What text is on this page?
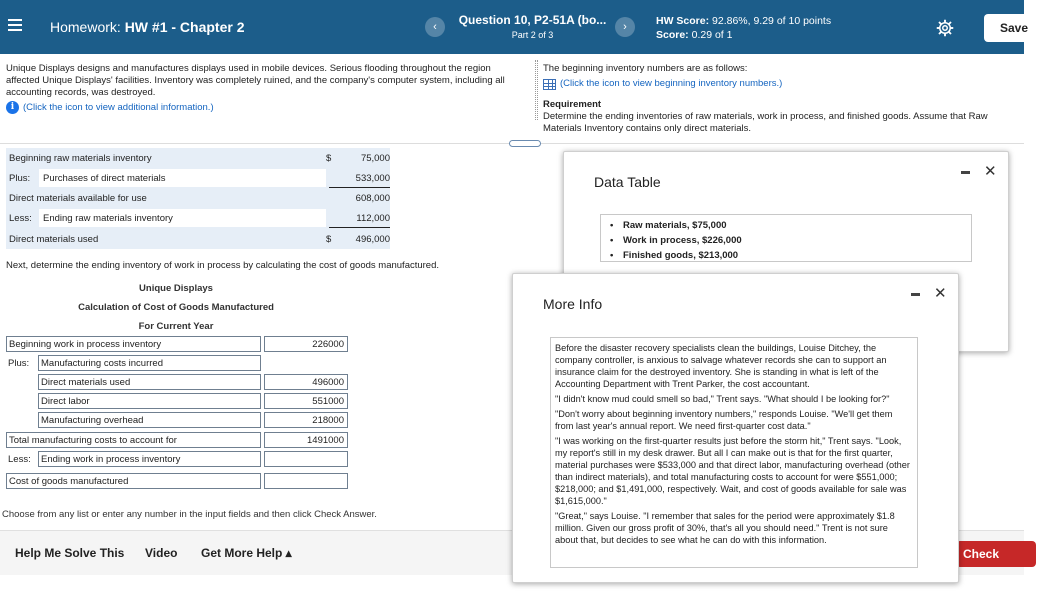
Homework: HW #1 - Chapter 2	‹	Question 10, P2-51A (bo...
Part 2 of 3
›	HW Score: 92.86%, 9.29 of 10 points
Score: 0.29 of 1	Save
Unique Displays designs and manufactures displays used in mobile devices. Serious flooding throughout the region affected Unique Displays' facilities. Inventory was completely ruined, and the company's computer system, including all accounting records, was destroyed.
i (Click the icon to view additional information.)
The beginning inventory numbers are as follows:
(Click the icon to view beginning inventory numbers.)
Requirement
Determine the ending inventories of raw materials, work in process, and finished goods. Assume that Raw Materials Inventory contains only direct materials.
Beginning raw materials inventory	$	75,000
Plus: Purchases of direct materials	533,000
Direct materials available for use	608,000
Less: Ending raw materials inventory	112,000
Direct materials used	$	496,000
Next, determine the ending inventory of work in process by calculating the cost of goods manufactured.
Unique Displays
Calculation of Cost of Goods Manufactured
For Current Year
Beginning work in process inventory	226000
Plus:	Manufacturing costs incurred
Direct materials used	496000
Direct labor	551000
Manufacturing overhead	218000
Total manufacturing costs to account for	1491000
Less:	Ending work in process inventory
Cost of goods manufactured
Choose from any list or enter any number in the input fields and then click Check Answer.
Help Me Solve This Video Get More Help ▴	Check Answer
Data Table
✕
• Raw materials, $75,000
• Work in process, $226,000
• Finished goods, $213,000
More Info
✕

Before the disaster recovery specialists clean the buildings, Louise Ditchey, the company controller, is anxious to salvage whatever records she can to support an insurance claim for the destroyed inventory. She is standing in what is left of the Accounting Department with Trent Parker, the cost accountant.

"I didn't know mud could smell so bad," Trent says. "What should I be looking for?"

"Don't worry about beginning inventory numbers," responds Louise. "We'll get them from last year's annual report. We need first-quarter cost data."

"I was working on the first-quarter results just before the storm hit," Trent says. "Look, my report's still in my desk drawer. But all I can make out is that for the first quarter, material purchases were $533,000 and that direct labor, manufacturing overhead (other than indirect materials), and total manufacturing costs to account for were $551,000; $218,000; and $1,491,000, respectively. Wait, and cost of goods available for sale was $1,615,000."

"Great," says Louise. "I remember that sales for the period were approximately $1.8 million. Given our gross profit of 30%, that's all you should need." Trent is not sure about that, but decides to see what he can do with this information.
